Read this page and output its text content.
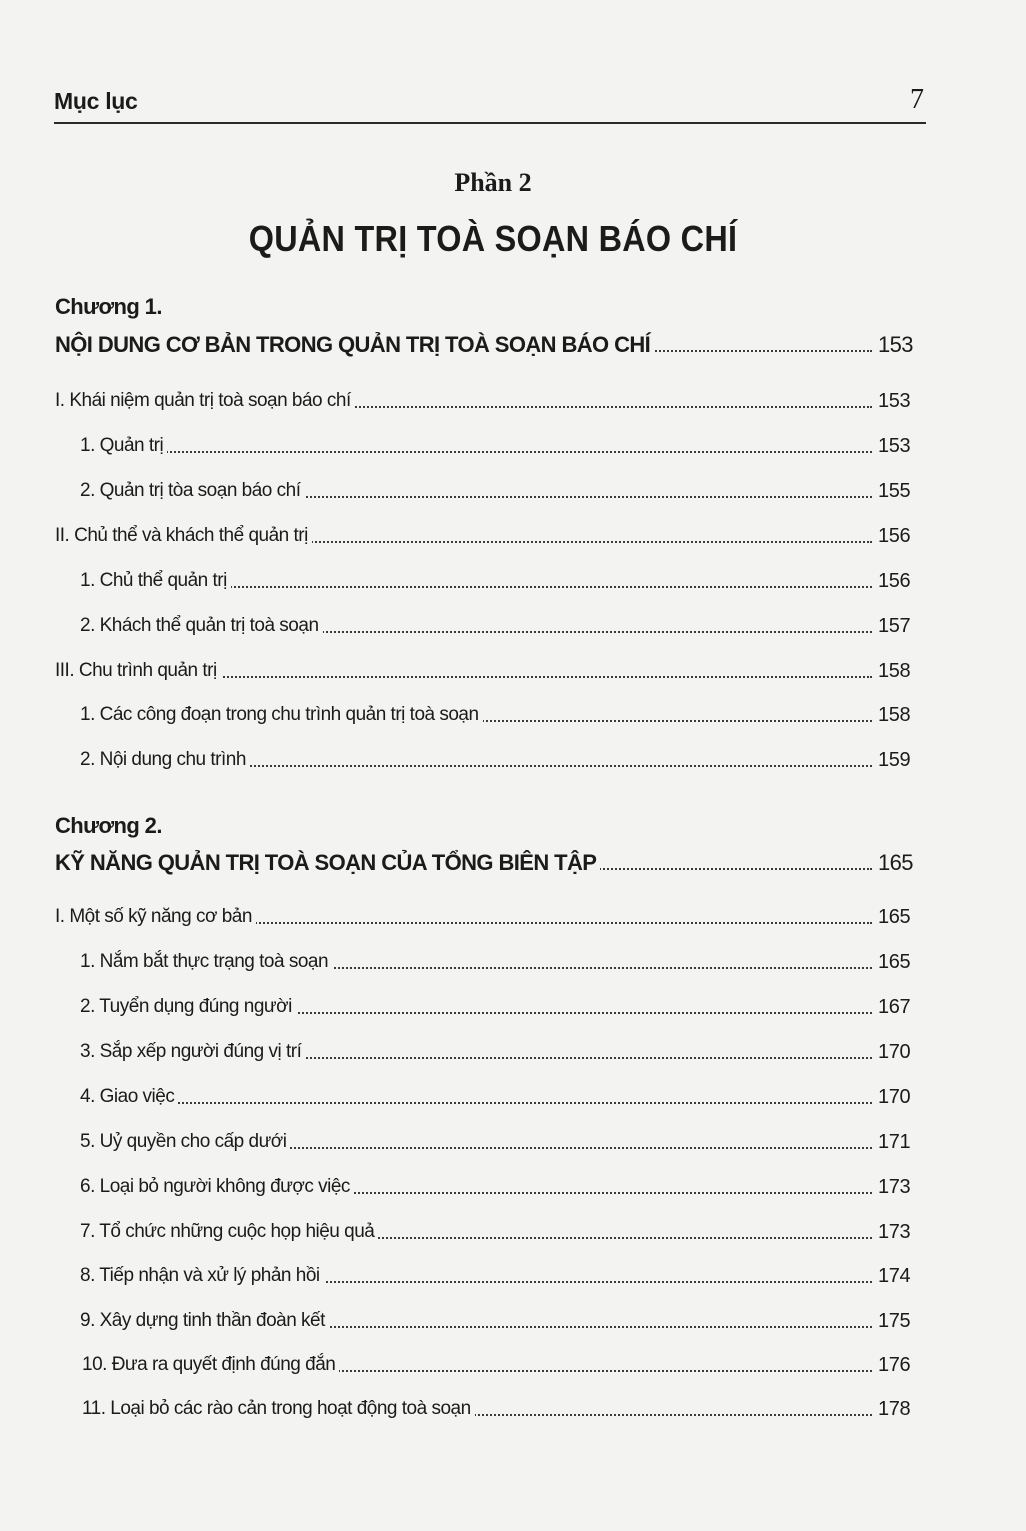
Mục lục	7
Phần 2
QUẢN TRỊ TOÀ SOẠN BÁO CHÍ
Chương 1.
NỘI DUNG CƠ BẢN TRONG QUẢN TRỊ TOÀ SOẠN BÁO CHÍ	153
I. Khái niệm quản trị toà soạn báo chí	153
1. Quản trị	153
2. Quản trị tòa soạn báo chí	155
II. Chủ thể và khách thể quản trị	156
1. Chủ thể quản trị	156
2. Khách thể quản trị toà soạn	157
III. Chu trình quản trị	158
1. Các công đoạn trong chu trình quản trị toà soạn	158
2. Nội dung chu trình	159
Chương 2.
KỸ NĂNG QUẢN TRỊ TOÀ SOẠN CỦA TỔNG BIÊN TẬP	165
I. Một số kỹ năng cơ bản	165
1. Nắm bắt thực trạng toà soạn	165
2. Tuyển dụng đúng người	167
3. Sắp xếp người đúng vị trí	170
4. Giao việc	170
5. Uỷ quyền cho cấp dưới	171
6. Loại bỏ người không được việc	173
7. Tổ chức những cuộc họp hiệu quả	173
8. Tiếp nhận và xử lý phản hồi	174
9. Xây dựng tinh thần đoàn kết	175
10. Đưa ra quyết định đúng đắn	176
11. Loại bỏ các rào cản trong hoạt động toà soạn	178
